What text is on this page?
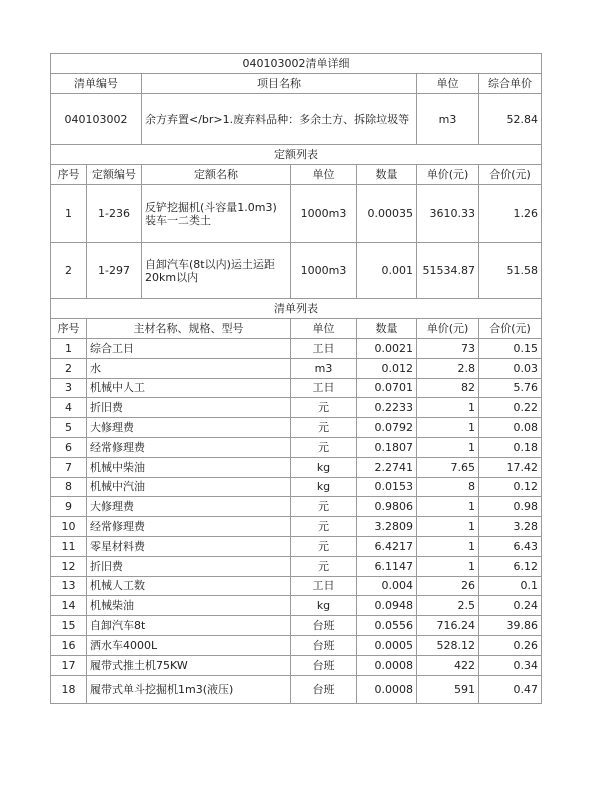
040103002清单详细						
清单编号		项目名称			单位	综合单价
040103002		余方弃置</br>1.废弃料品种：多余土方、拆除垃圾等			m3	52.84
定额列表						
序号	定额编号	定额名称	单位	数量	单价(元)	合价(元)
1	1-236	反铲挖掘机(斗容量1.0m3)装车一二类土	1000m3	0.00035	3610.33	1.26
2	1-297	自卸汽车(8t以内)运土运距20km以内	1000m3	0.001	51534.87	51.58
清单列表						
序号	主材名称、规格、型号		单位	数量	单价(元)	合价(元)
1	综合工日		工日	0.0021	73	0.15
2	水		m3	0.012	2.8	0.03
3	机械中人工		工日	0.0701	82	5.76
4	折旧费		元	0.2233	1	0.22
5	大修理费		元	0.0792	1	0.08
6	经常修理费		元	0.1807	1	0.18
7	机械中柴油		kg	2.2741	7.65	17.42
8	机械中汽油		kg	0.0153	8	0.12
9	大修理费		元	0.9806	1	0.98
10	经常修理费		元	3.2809	1	3.28
11	零星材料费		元	6.4217	1	6.43
12	折旧费		元	6.1147	1	6.12
13	机械人工数		工日	0.004	26	0.1
14	机械柴油		kg	0.0948	2.5	0.24
15	自卸汽车8t		台班	0.0556	716.24	39.86
16	洒水车4000L		台班	0.0005	528.12	0.26
17	履带式推土机75KW		台班	0.0008	422	0.34
18	履带式单斗挖掘机1m3(液压)		台班	0.0008	591	0.47
